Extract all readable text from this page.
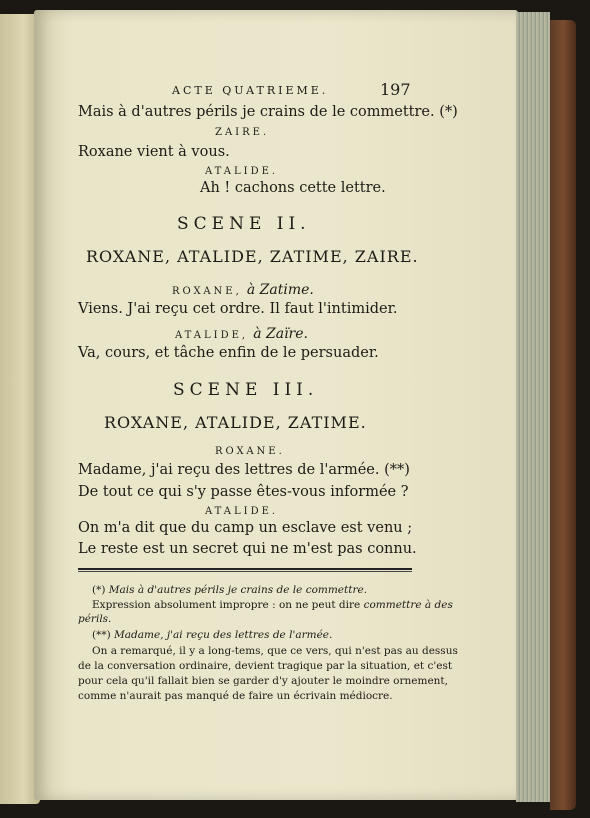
ACTE QUATRIEME.	197
Mais à d'autres périls je crains de le commettre. (*)
ZAIRE.
Roxane vient à vous.
ATALIDE.
Ah ! cachons cette lettre.
SCENE II.
ROXANE, ATALIDE, ZATIME, ZAIRE.
ROXANE, à Zatime.
Viens. J'ai reçu cet ordre. Il faut l'intimider.
ATALIDE, à Zaïre.
Va, cours, et tâche enfin de le persuader.
SCENE III.
ROXANE, ATALIDE, ZATIME.
ROXANE.
Madame, j'ai reçu des lettres de l'armée. (**)
De tout ce qui s'y passe êtes-vous informée ?
ATALIDE.
On m'a dit que du camp un esclave est venu ;
Le reste est un secret qui ne m'est pas connu.
(*) Mais à d'autres périls je crains de le commettre.
Expression absolument impropre : on ne peut dire commettre à des
périls.
(**) Madame, j'ai reçu des lettres de l'armée.
On a remarqué, il y a long-tems, que ce vers, qui n'est pas au dessus
de la conversation ordinaire, devient tragique par la situation, et c'est
pour cela qu'il fallait bien se garder d'y ajouter le moindre ornement,
comme n'aurait pas manqué de faire un écrivain médiocre.
